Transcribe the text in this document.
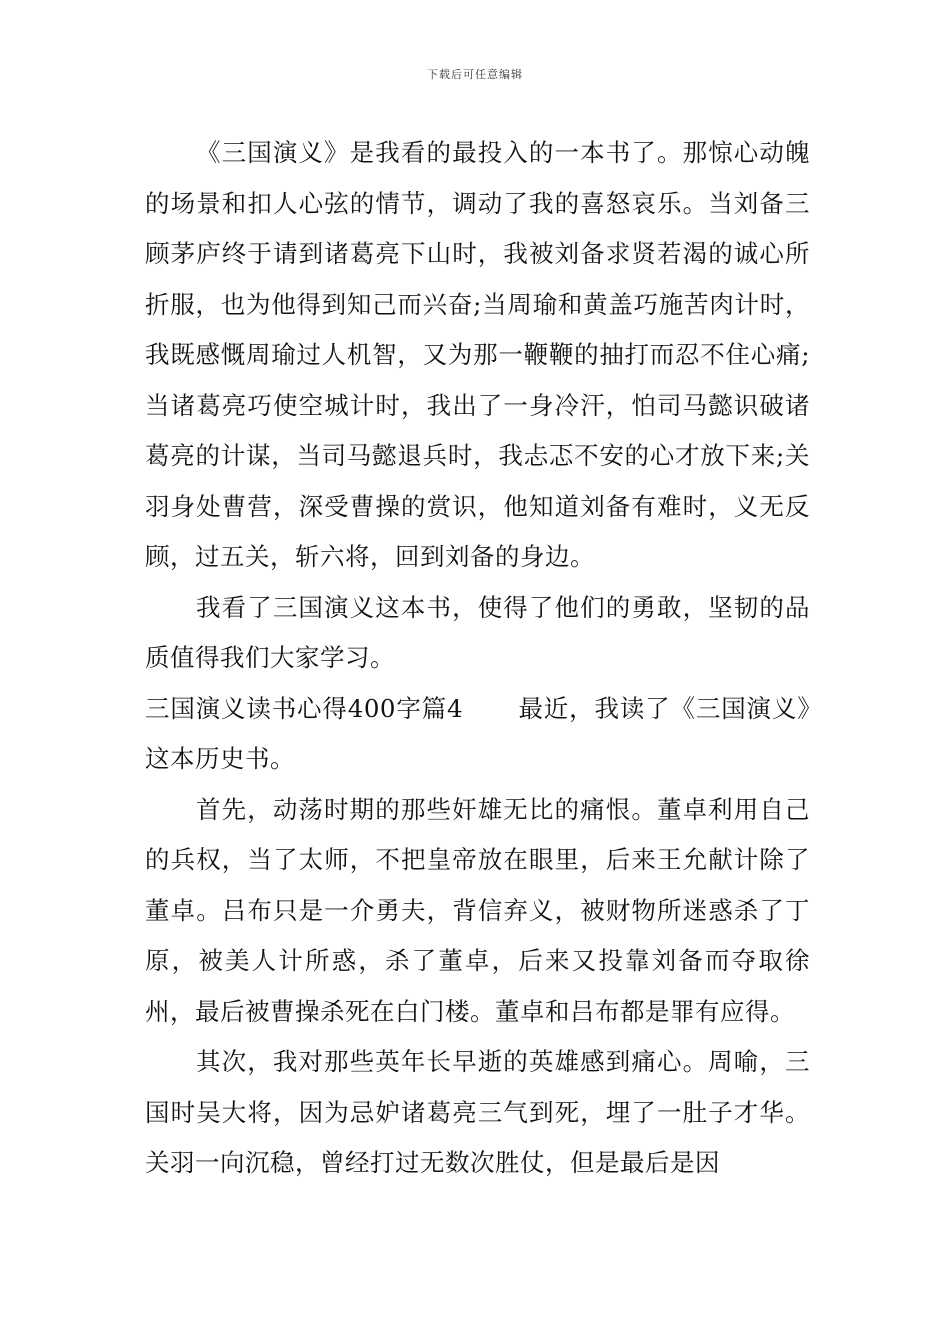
下载后可任意编辑

《三国演义》是我看的最投入的一本书了。那惊心动魄的场景和扣人心弦的情节，调动了我的喜怒哀乐。当刘备三顾茅庐终于请到诸葛亮下山时，我被刘备求贤若渴的诚心所折服，也为他得到知己而兴奋;当周瑜和黄盖巧施苦肉计时，我既感慨周瑜过人机智，又为那一鞭鞭的抽打而忍不住心痛;当诸葛亮巧使空城计时，我出了一身冷汗，怕司马懿识破诸葛亮的计谋，当司马懿退兵时，我忐忑不安的心才放下来;关羽身处曹营，深受曹操的赏识，他知道刘备有难时，义无反顾，过五关，斩六将，回到刘备的身边。

我看了三国演义这本书，使得了他们的勇敢，坚韧的品质值得我们大家学习。

三国演义读书心得400字篇4 最近，我读了《三国演义》这本历史书。

首先，动荡时期的那些奸雄无比的痛恨。董卓利用自己的兵权，当了太师，不把皇帝放在眼里，后来王允献计除了董卓。吕布只是一介勇夫，背信弃义，被财物所迷惑杀了丁原，被美人计所惑，杀了董卓，后来又投靠刘备而夺取徐州，最后被曹操杀死在白门楼。董卓和吕布都是罪有应得。

其次，我对那些英年长早逝的英雄感到痛心。周喻，三国时吴大将，因为忌妒诸葛亮三气到死，埋了一肚子才华。关羽一向沉稳，曾经打过无数次胜仗，但是最后是因
